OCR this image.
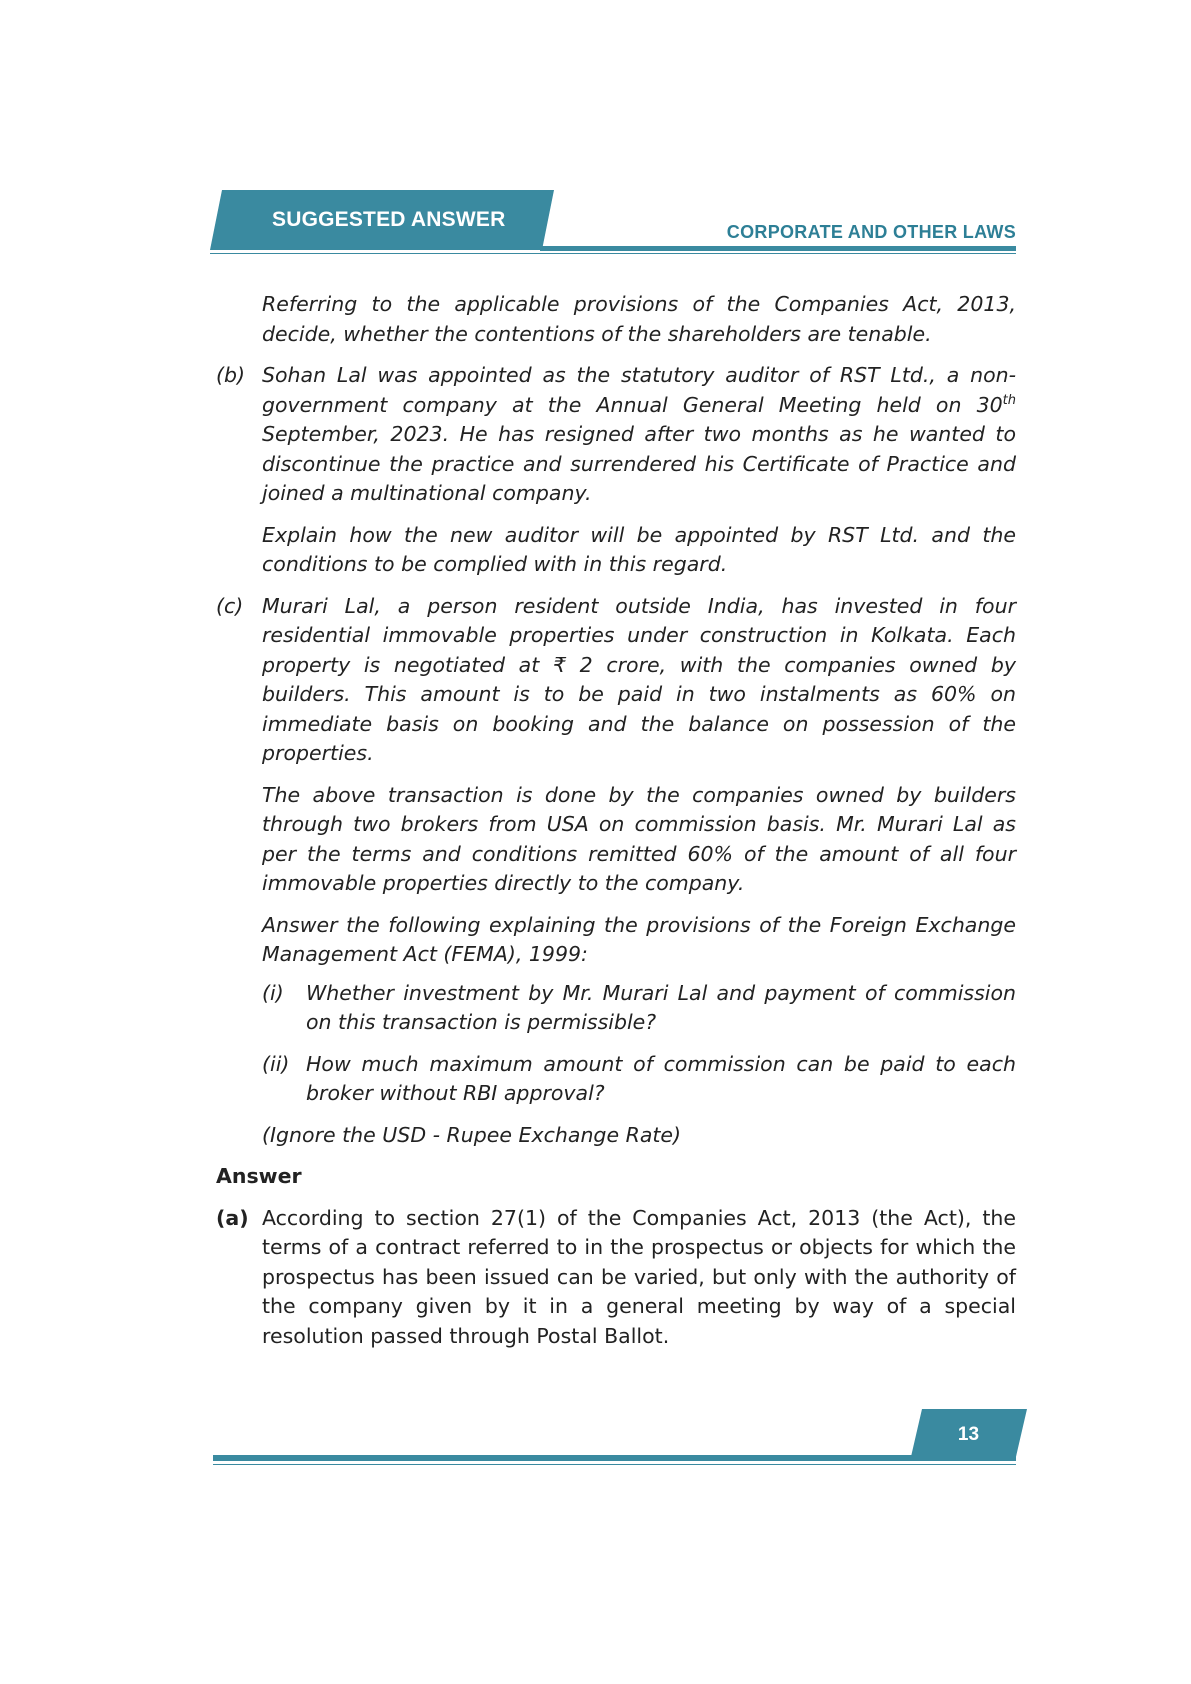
SUGGESTED ANSWER
CORPORATE AND OTHER LAWS

Referring to the applicable provisions of the Companies Act, 2013, decide, whether the contentions of the shareholders are tenable.

(b) Sohan Lal was appointed as the statutory auditor of RST Ltd., a non-government company at the Annual General Meeting held on 30th September, 2023. He has resigned after two months as he wanted to discontinue the practice and surrendered his Certificate of Practice and joined a multinational company.

Explain how the new auditor will be appointed by RST Ltd. and the conditions to be complied with in this regard.

(c) Murari Lal, a person resident outside India, has invested in four residential immovable properties under construction in Kolkata. Each property is negotiated at ₹ 2 crore, with the companies owned by builders. This amount is to be paid in two instalments as 60% on immediate basis on booking and the balance on possession of the properties.

The above transaction is done by the companies owned by builders through two brokers from USA on commission basis. Mr. Murari Lal as per the terms and conditions remitted 60% of the amount of all four immovable properties directly to the company.

Answer the following explaining the provisions of the Foreign Exchange Management Act (FEMA), 1999:

(i)	Whether investment by Mr. Murari Lal and payment of commission on this transaction is permissible?
(ii) How much maximum amount of commission can be paid to each broker without RBI approval?

(Ignore the USD - Rupee Exchange Rate)

Answer

(a) According to section 27(1) of the Companies Act, 2013 (the Act), the terms of a contract referred to in the prospectus or objects for which the prospectus has been issued can be varied, but only with the authority of the company given by it in a general meeting by way of a special resolution passed through Postal Ballot.
13
